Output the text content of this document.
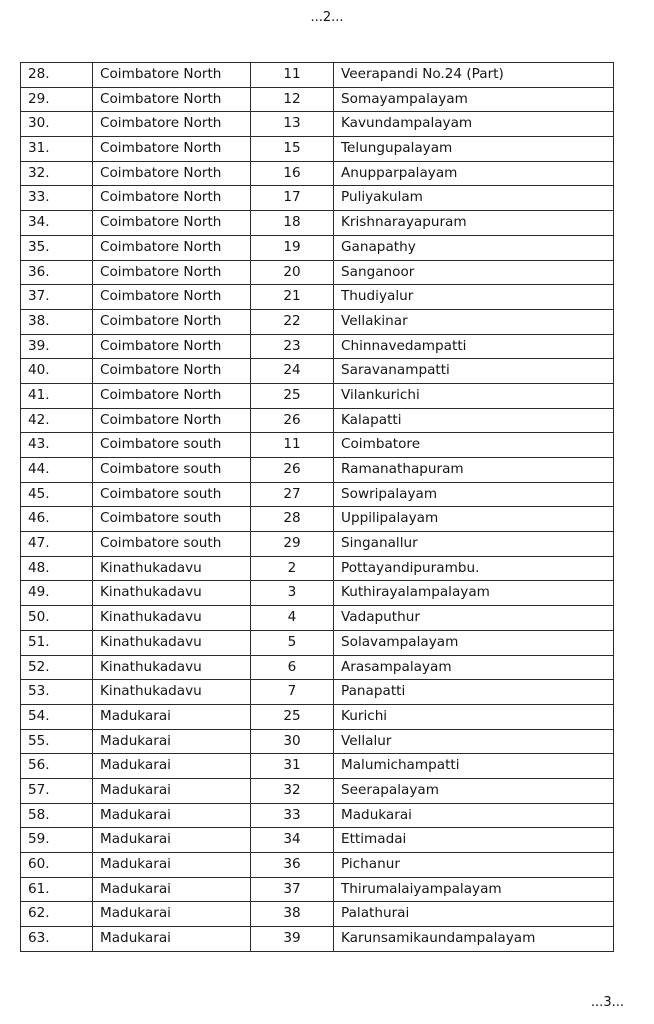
...2...
28.	Coimbatore North	11	Veerapandi No.24 (Part)
29.	Coimbatore North	12	Somayampalayam
30.	Coimbatore North	13	Kavundampalayam
31.	Coimbatore North	15	Telungupalayam
32.	Coimbatore North	16	Anupparpalayam
33.	Coimbatore North	17	Puliyakulam
34.	Coimbatore North	18	Krishnarayapuram
35.	Coimbatore North	19	Ganapathy
36.	Coimbatore North	20	Sanganoor
37.	Coimbatore North	21	Thudiyalur
38.	Coimbatore North	22	Vellakinar
39.	Coimbatore North	23	Chinnavedampatti
40.	Coimbatore North	24	Saravanampatti
41.	Coimbatore North	25	Vilankurichi
42.	Coimbatore North	26	Kalapatti
43.	Coimbatore south	11	Coimbatore
44.	Coimbatore south	26	Ramanathapuram
45.	Coimbatore south	27	Sowripalayam
46.	Coimbatore south	28	Uppilipalayam
47.	Coimbatore south	29	Singanallur
48.	Kinathukadavu	2	Pottayandipurambu.
49.	Kinathukadavu	3	Kuthirayalampalayam
50.	Kinathukadavu	4	Vadaputhur
51.	Kinathukadavu	5	Solavampalayam
52.	Kinathukadavu	6	Arasampalayam
53.	Kinathukadavu	7	Panapatti
54.	Madukarai	25	Kurichi
55.	Madukarai	30	Vellalur
56.	Madukarai	31	Malumichampatti
57.	Madukarai	32	Seerapalayam
58.	Madukarai	33	Madukarai
59.	Madukarai	34	Ettimadai
60.	Madukarai	36	Pichanur
61.	Madukarai	37	Thirumalaiyampalayam
62.	Madukarai	38	Palathurai
63.	Madukarai	39	Karunsamikaundampalayam
...3...
